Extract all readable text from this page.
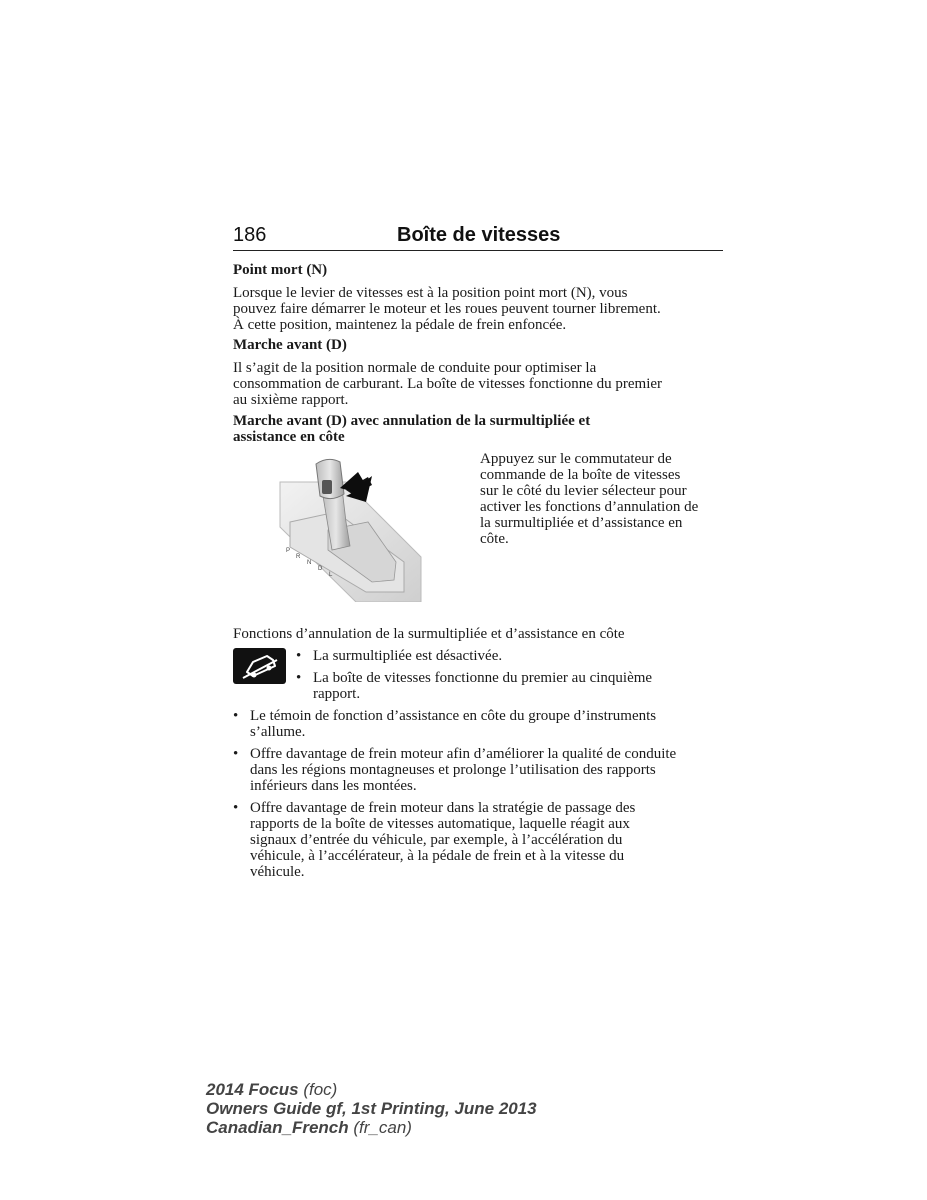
186	Boîte de vitesses
Point mort (N)

Lorsque le levier de vitesses est à la position point mort (N), vous

pouvez faire démarrer le moteur et les roues peuvent tourner librement.

À cette position, maintenez la pédale de frein enfoncée.

Marche avant (D)

Il s’agit de la position normale de conduite pour optimiser la

consommation de carburant. La boîte de vitesses fonctionne du premier

au sixième rapport.

Marche avant (D) avec annulation de la surmultipliée et

assistance en côte

P
R
N
D
L

Appuyez sur le commutateur de

commande de la boîte de vitesses

sur le côté du levier sélecteur pour

activer les fonctions d’annulation de

la surmultipliée et d’assistance en

côte.

Fonctions d’annulation de la surmultipliée et d’assistance en côte
• La surmultipliée est désactivée.
• La boîte de vitesses fonctionne du premier au cinquième
rapport.
• Le témoin de fonction d’assistance en côte du groupe d’instruments
s’allume.
• Offre davantage de frein moteur afin d’améliorer la qualité de conduite
dans les régions montagneuses et prolonge l’utilisation des rapports
inférieurs dans les montées.
• Offre davantage de frein moteur dans la stratégie de passage des
rapports de la boîte de vitesses automatique, laquelle réagit aux
signaux d’entrée du véhicule, par exemple, à l’accélération du
véhicule, à l’accélérateur, à la pédale de frein et à la vitesse du
véhicule.
2014 Focus (foc)
Owners Guide gf, 1st Printing, June 2013
Canadian_French (fr_can)
